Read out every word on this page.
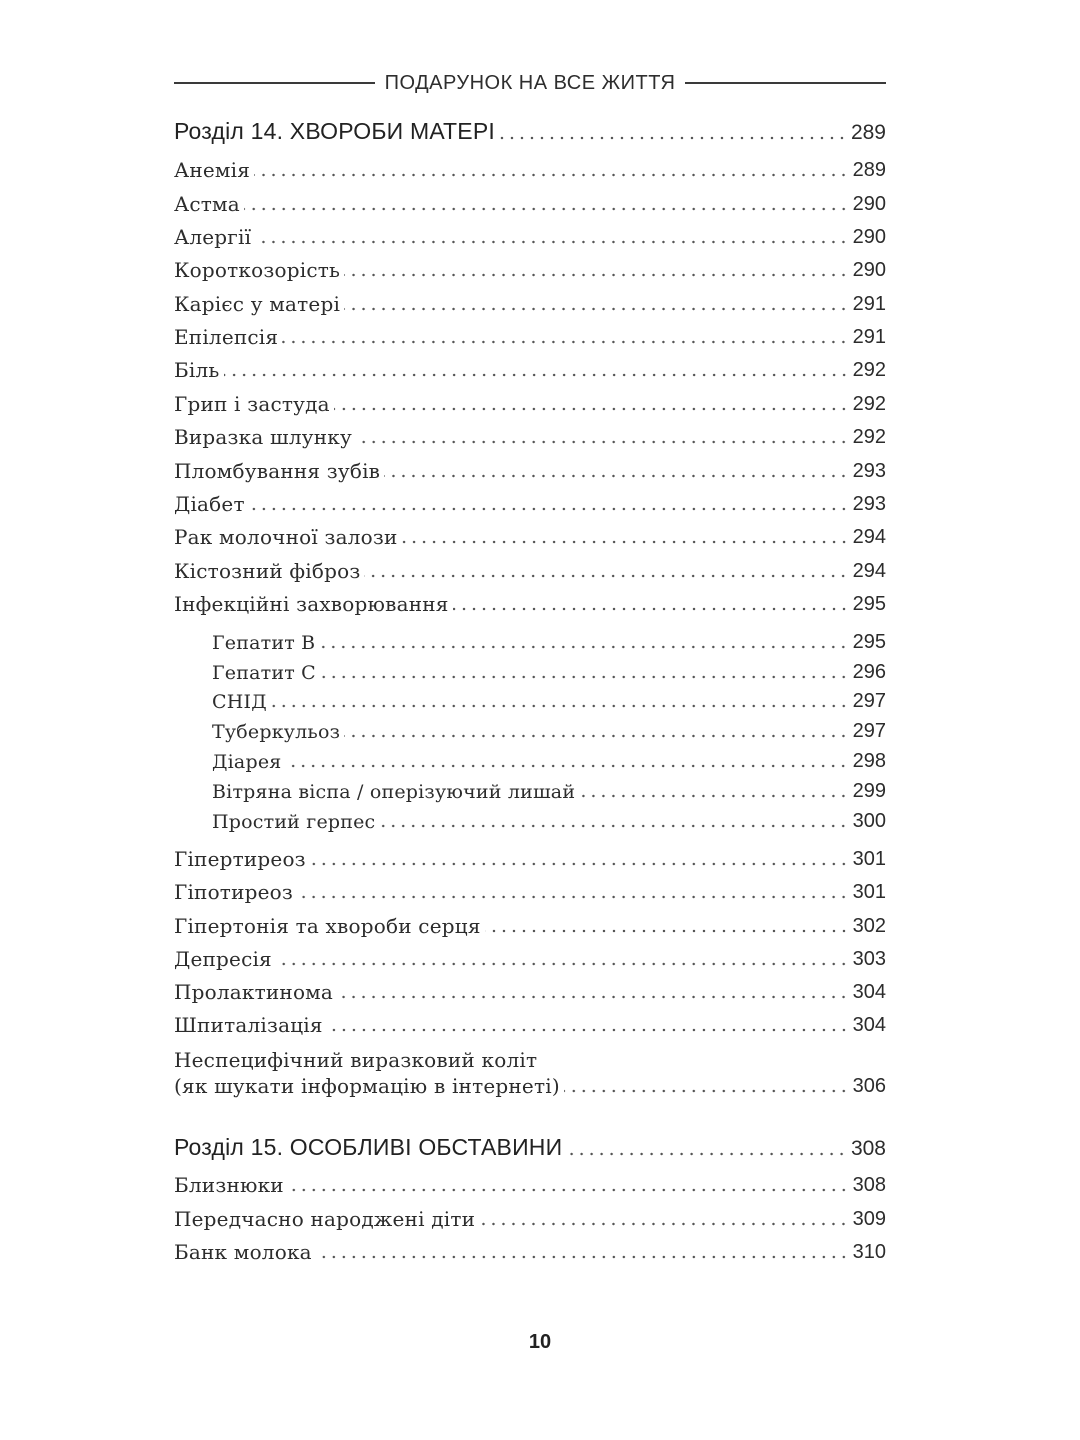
ПОДАРУНОК НА ВСЕ ЖИТТЯ
Розділ 14. ХВОРОБИ МАТЕРІ	289
Анемія	289
Астма	290
Алергії	290
Короткозорість	290
Карієс у матері	291
Епілепсія	291
Біль	292
Грип і застуда	292
Виразка шлунку	292
Пломбування зубів	293
Діабет	293
Рак молочної залози	294
Кістозний фіброз	294
Інфекційні захворювання	295
Гепатит В	295
Гепатит С	296
СНІД	297
Туберкульоз	297
Діарея	298
Вітряна віспа / оперізуючий лишай	299
Простий герпес	300
Гіпертиреоз	301
Гіпотиреоз	301
Гіпертонія та хвороби серця	302
Депресія	303
Пролактинома	304
Шпиталізація	304
Неспецифічний виразковий коліт
(як шукати інформацію в інтернеті)	306
Розділ 15. ОСОБЛИВІ ОБСТАВИНИ	308
Близнюки	308
Передчасно народжені діти	309
Банк молока	310
10
